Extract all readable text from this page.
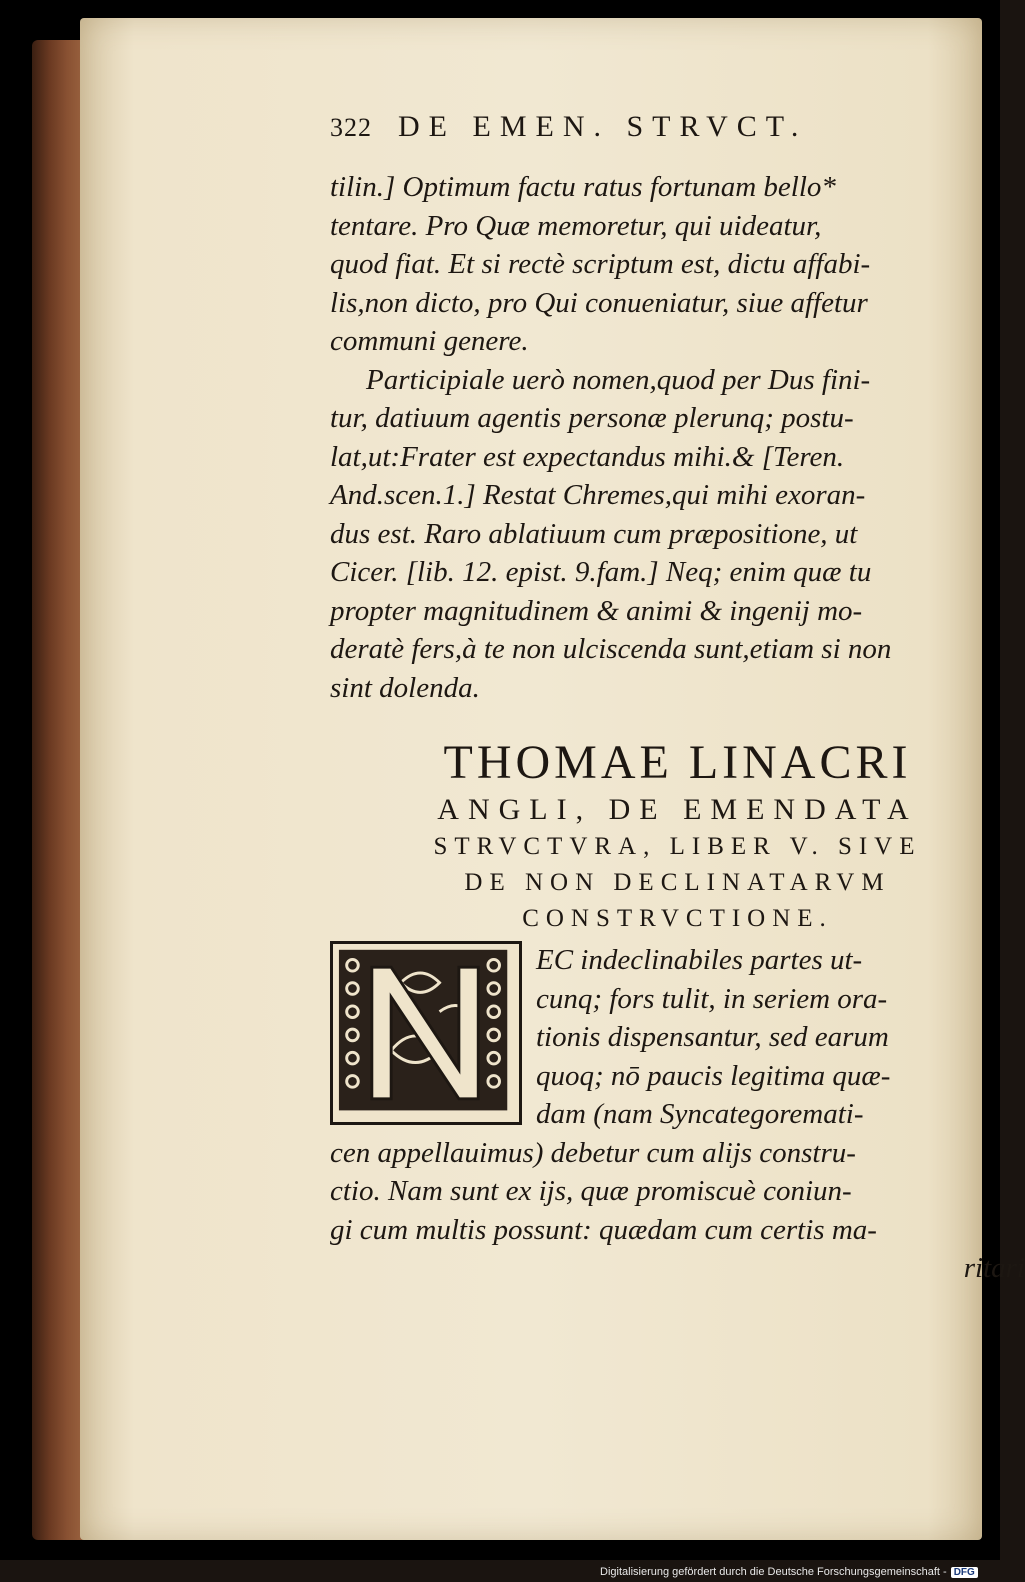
322 DE EMEN. STRVCT.
tilin.] Optimum factu ratus fortunam bello*
tentare. Pro Quæ memoretur, qui uideatur,
quod fiat. Et si rectè scriptum est, dictu affabi-
lis,non dicto, pro Qui conueniatur, siue affetur
communi genere.
Participiale uerò nomen,quod per Dus fini-
tur, datiuum agentis personæ plerunq; postu-
lat,ut:Frater est expectandus mihi.& [Teren.
And.scen.1.] Restat Chremes,qui mihi exoran-
dus est. Raro ablatiuum cum præpositione, ut
Cicer. [lib. 12. epist. 9.fam.] Neq; enim quæ tu
propter magnitudinem & animi & ingenij mo-
deratè fers,à te non ulciscenda sunt,etiam si non
sint dolenda.
THOMAE LINACRI
ANGLI, DE EMENDATA
STRVCTVRA, LIBER V. SIVE
DE NON DECLINATARVM
CONSTRVCTIONE.
EC indeclinabiles partes ut-
cunq; fors tulit, in seriem ora-
tionis dispensantur, sed earum
quoq; nō paucis legitima quæ-
dam (nam Syncategoremati-
cen appellauimus) debetur cum alijs constru-
ctio. Nam sunt ex ijs, quæ promiscuè coniun-
gi cum multis possunt: quædam cum certis ma-
ritari
Digitalisierung gefördert durch die Deutsche Forschungsgemeinschaft - DFG
